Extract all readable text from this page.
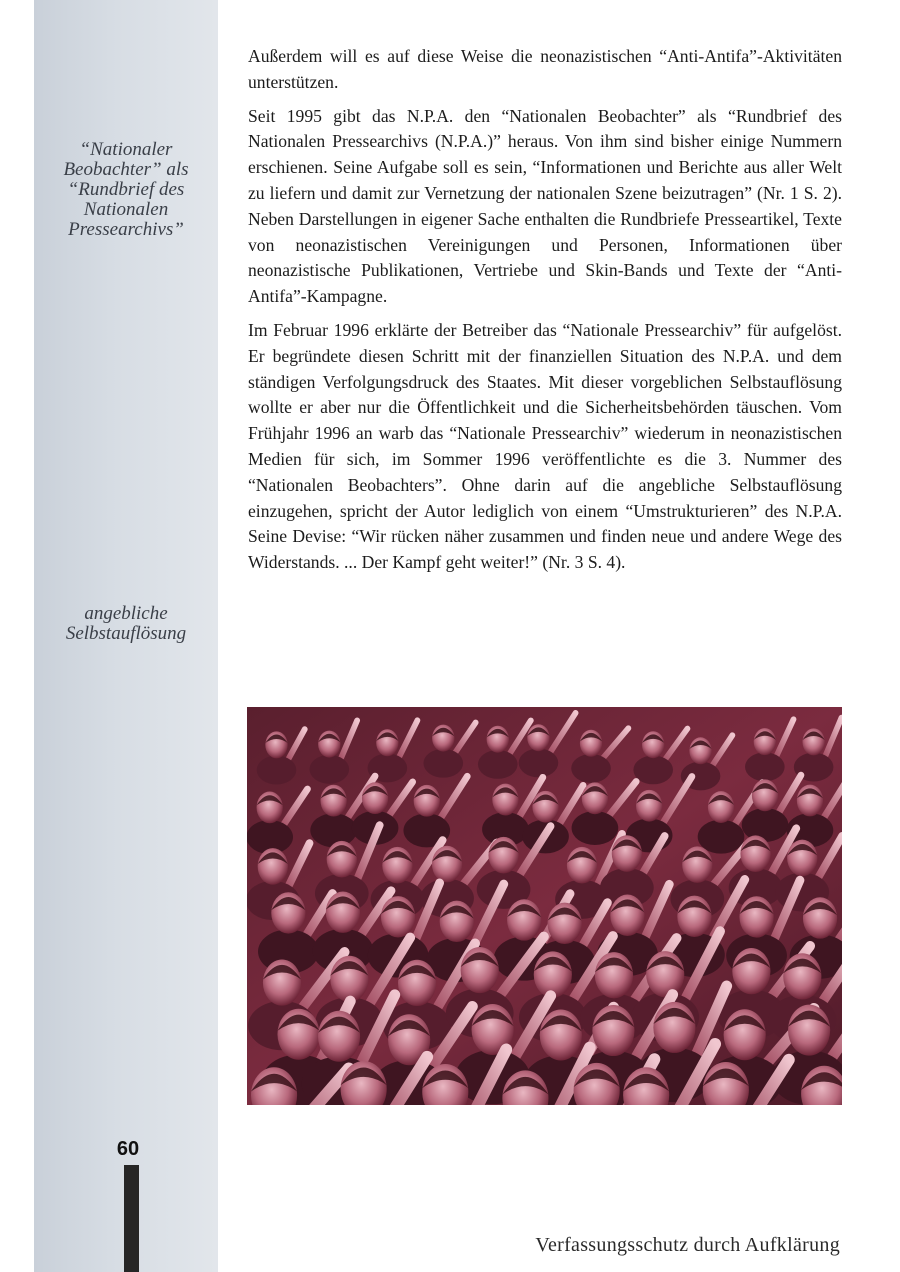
“Nationaler Beobachter” als “Rundbrief des Nationalen Pressearchivs”
angebliche Selbstauflösung

Außerdem will es auf diese Weise die neonazistischen “Anti-Antifa”-Aktivitäten unterstützen.

Seit 1995 gibt das N.P.A. den “Nationalen Beobachter” als “Rundbrief des Nationalen Pressearchivs (N.P.A.)” heraus. Von ihm sind bisher einige Nummern erschienen. Seine Aufgabe soll es sein, “Informationen und Berichte aus aller Welt zu liefern und damit zur Vernetzung der nationalen Szene beizutragen” (Nr. 1 S. 2). Neben Darstellungen in eigener Sache enthalten die Rundbriefe Presseartikel, Texte von neonazistischen Vereinigungen und Personen, Informationen über neonazistische Publikationen, Vertriebe und Skin-Bands und Texte der “Anti-Antifa”-Kampagne.

Im Februar 1996 erklärte der Betreiber das “Nationale Pressearchiv” für aufgelöst. Er begründete diesen Schritt mit der finanziellen Situation des N.P.A. und dem ständigen Verfolgungsdruck des Staates. Mit dieser vorgeblichen Selbstauflösung wollte er aber nur die Öffentlichkeit und die Sicherheitsbehörden täuschen. Vom Frühjahr 1996 an warb das “Nationale Pressearchiv” wiederum in neonazistischen Medien für sich, im Sommer 1996 veröffentlichte es die 3. Nummer des “Nationalen Beobachters”. Ohne darin auf die angebliche Selbstauflösung einzugehen, spricht der Autor lediglich von einem “Umstrukturieren” des N.P.A. Seine Devise: “Wir rücken näher zusammen und finden neue und andere Wege des Widerstands. ... Der Kampf geht weiter!” (Nr. 3 S. 4).

60
Verfassungsschutz durch Aufklärung
